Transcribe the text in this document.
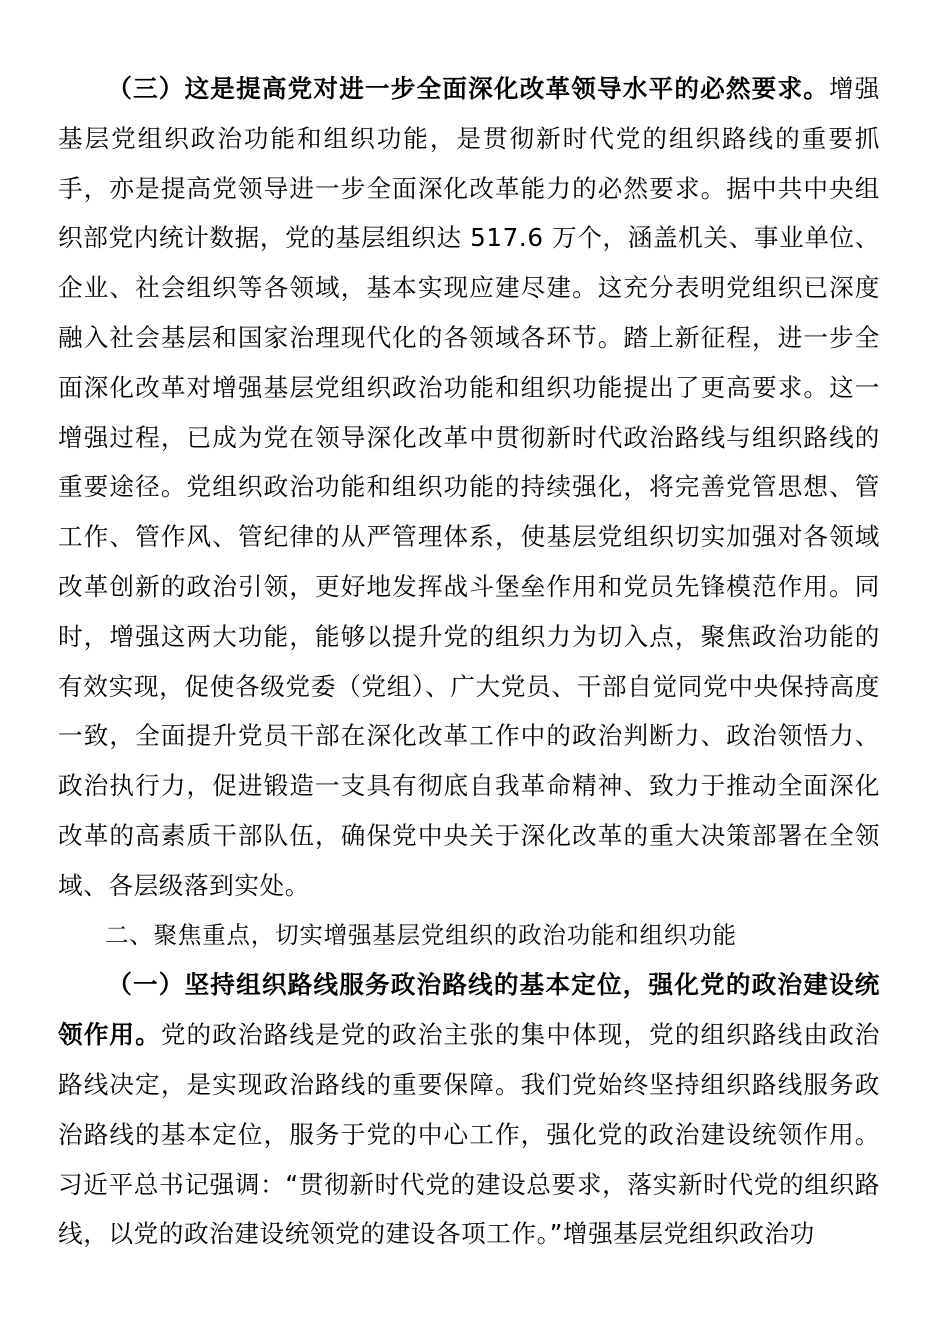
（三）这是提高党对进一步全面深化改革领导水平的必然要求。增强基层党组织政治功能和组织功能，是贯彻新时代党的组织路线的重要抓手，亦是提高党领导进一步全面深化改革能力的必然要求。据中共中央组织部党内统计数据，党的基层组织达 517.6 万个，涵盖机关、事业单位、企业、社会组织等各领域，基本实现应建尽建。这充分表明党组织已深度融入社会基层和国家治理现代化的各领域各环节。踏上新征程，进一步全面深化改革对增强基层党组织政治功能和组织功能提出了更高要求。这一增强过程，已成为党在领导深化改革中贯彻新时代政治路线与组织路线的重要途径。党组织政治功能和组织功能的持续强化，将完善党管思想、管工作、管作风、管纪律的从严管理体系，使基层党组织切实加强对各领域改革创新的政治引领，更好地发挥战斗堡垒作用和党员先锋模范作用。同时，增强这两大功能，能够以提升党的组织力为切入点，聚焦政治功能的有效实现，促使各级党委（党组）、广大党员、干部自觉同党中央保持高度一致，全面提升党员干部在深化改革工作中的政治判断力、政治领悟力、政治执行力，促进锻造一支具有彻底自我革命精神、致力于推动全面深化改革的高素质干部队伍，确保党中央关于深化改革的重大决策部署在全领域、各层级落到实处。

二、聚焦重点，切实增强基层党组织的政治功能和组织功能

（一）坚持组织路线服务政治路线的基本定位，强化党的政治建设统领作用。党的政治路线是党的政治主张的集中体现，党的组织路线由政治路线决定，是实现政治路线的重要保障。我们党始终坚持组织路线服务政治路线的基本定位，服务于党的中心工作，强化党的政治建设统领作用。习近平总书记强调：“贯彻新时代党的建设总要求，落实新时代党的组织路线，以党的政治建设统领党的建设各项工作。”增强基层党组织政治功
